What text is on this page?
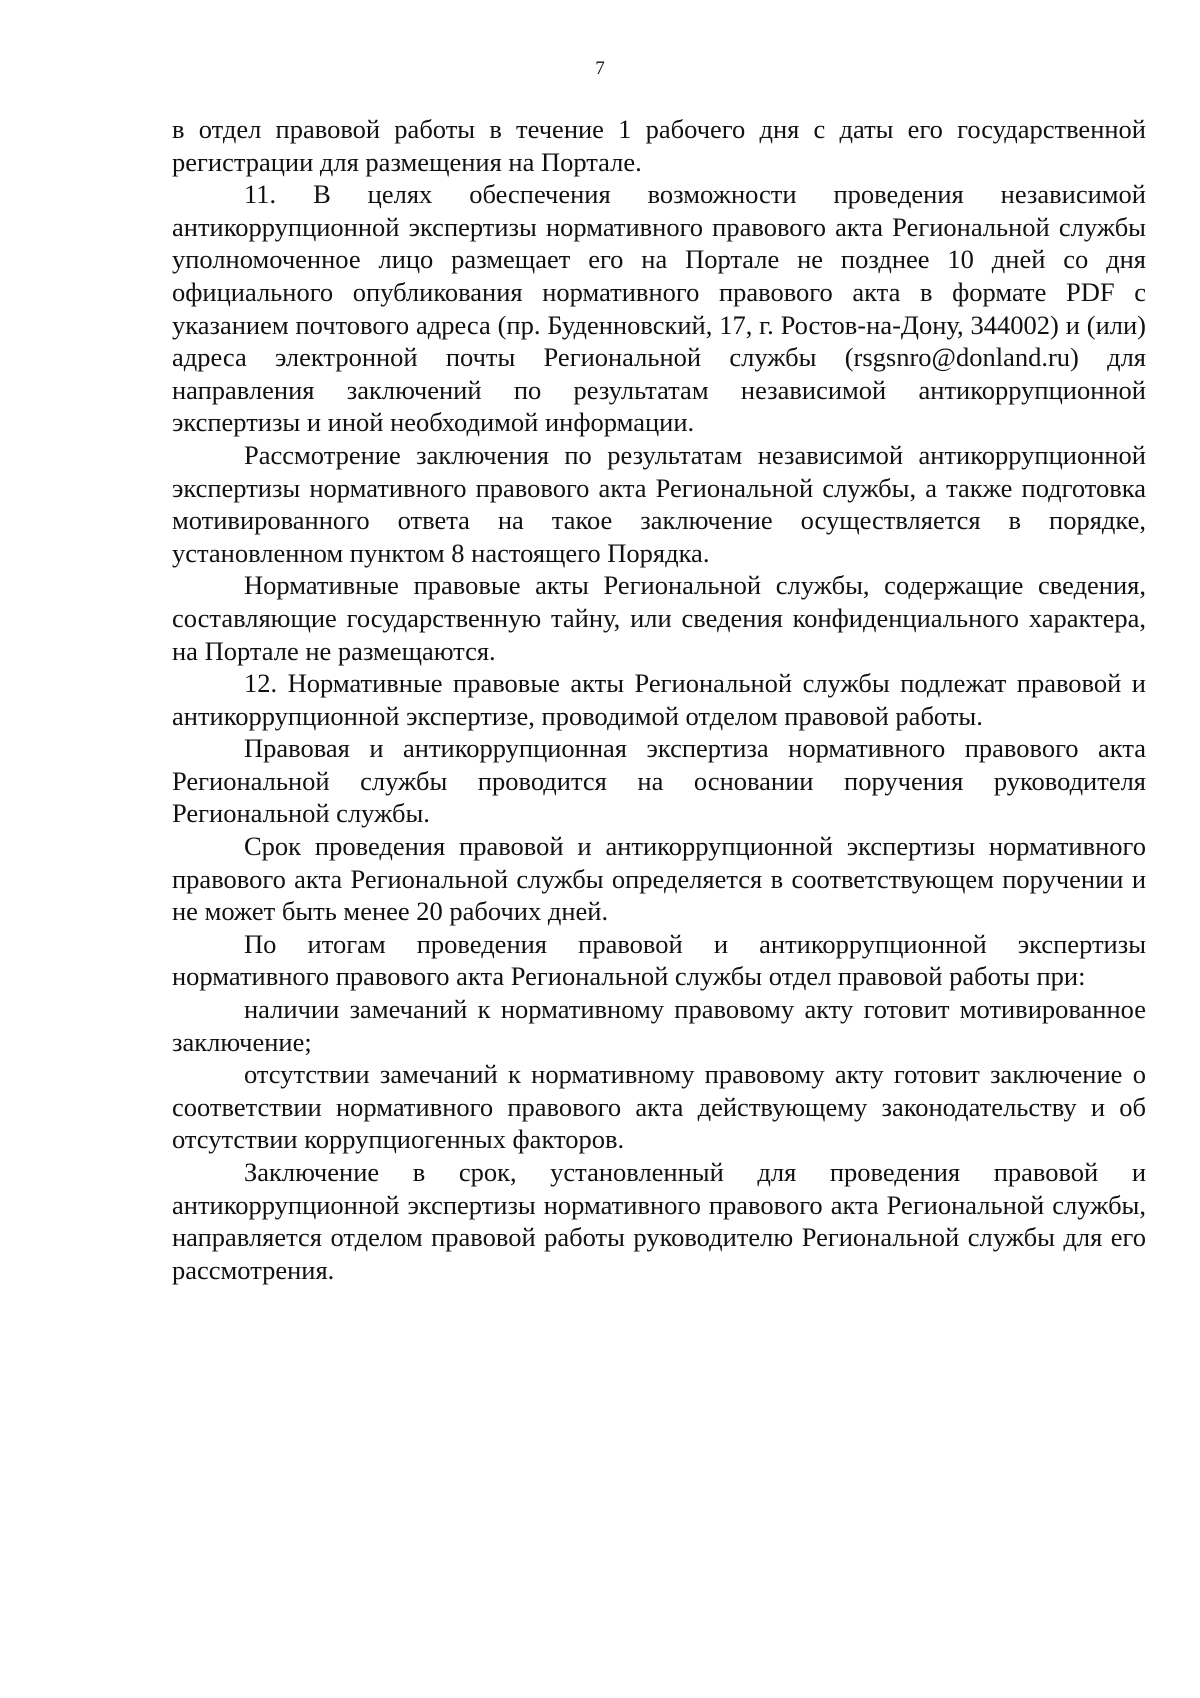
7

в отдел правовой работы в течение 1 рабочего дня с даты его государственной регистрации для размещения на Портале.

11. В целях обеспечения возможности проведения независимой антикоррупционной экспертизы нормативного правового акта Региональной службы уполномоченное лицо размещает его на Портале не позднее 10 дней со дня официального опубликования нормативного правового акта в формате PDF с указанием почтового адреса (пр. Буденновский, 17, г. Ростов-на-Дону, 344002) и (или) адреса электронной почты Региональной службы (rsgsnro@donland.ru) для направления заключений по результатам независимой антикоррупционной экспертизы и иной необходимой информации.

Рассмотрение заключения по результатам независимой антикоррупционной экспертизы нормативного правового акта Региональной службы, а также подготовка мотивированного ответа на такое заключение осуществляется в порядке, установленном пунктом 8 настоящего Порядка.

Нормативные правовые акты Региональной службы, содержащие сведения, составляющие государственную тайну, или сведения конфиденциального характера, на Портале не размещаются.

12. Нормативные правовые акты Региональной службы подлежат правовой и антикоррупционной экспертизе, проводимой отделом правовой работы.

Правовая и антикоррупционная экспертиза нормативного правового акта Региональной службы проводится на основании поручения руководителя Региональной службы.

Срок проведения правовой и антикоррупционной экспертизы нормативного правового акта Региональной службы определяется в соответствующем поручении и не может быть менее 20 рабочих дней.

По итогам проведения правовой и антикоррупционной экспертизы нормативного правового акта Региональной службы отдел правовой работы при:

наличии замечаний к нормативному правовому акту готовит мотивированное заключение;

отсутствии замечаний к нормативному правовому акту готовит заключение о соответствии нормативного правового акта действующему законодательству и об отсутствии коррупциогенных факторов.

Заключение в срок, установленный для проведения правовой и антикоррупционной экспертизы нормативного правового акта Региональной службы, направляется отделом правовой работы руководителю Региональной службы для его рассмотрения.
